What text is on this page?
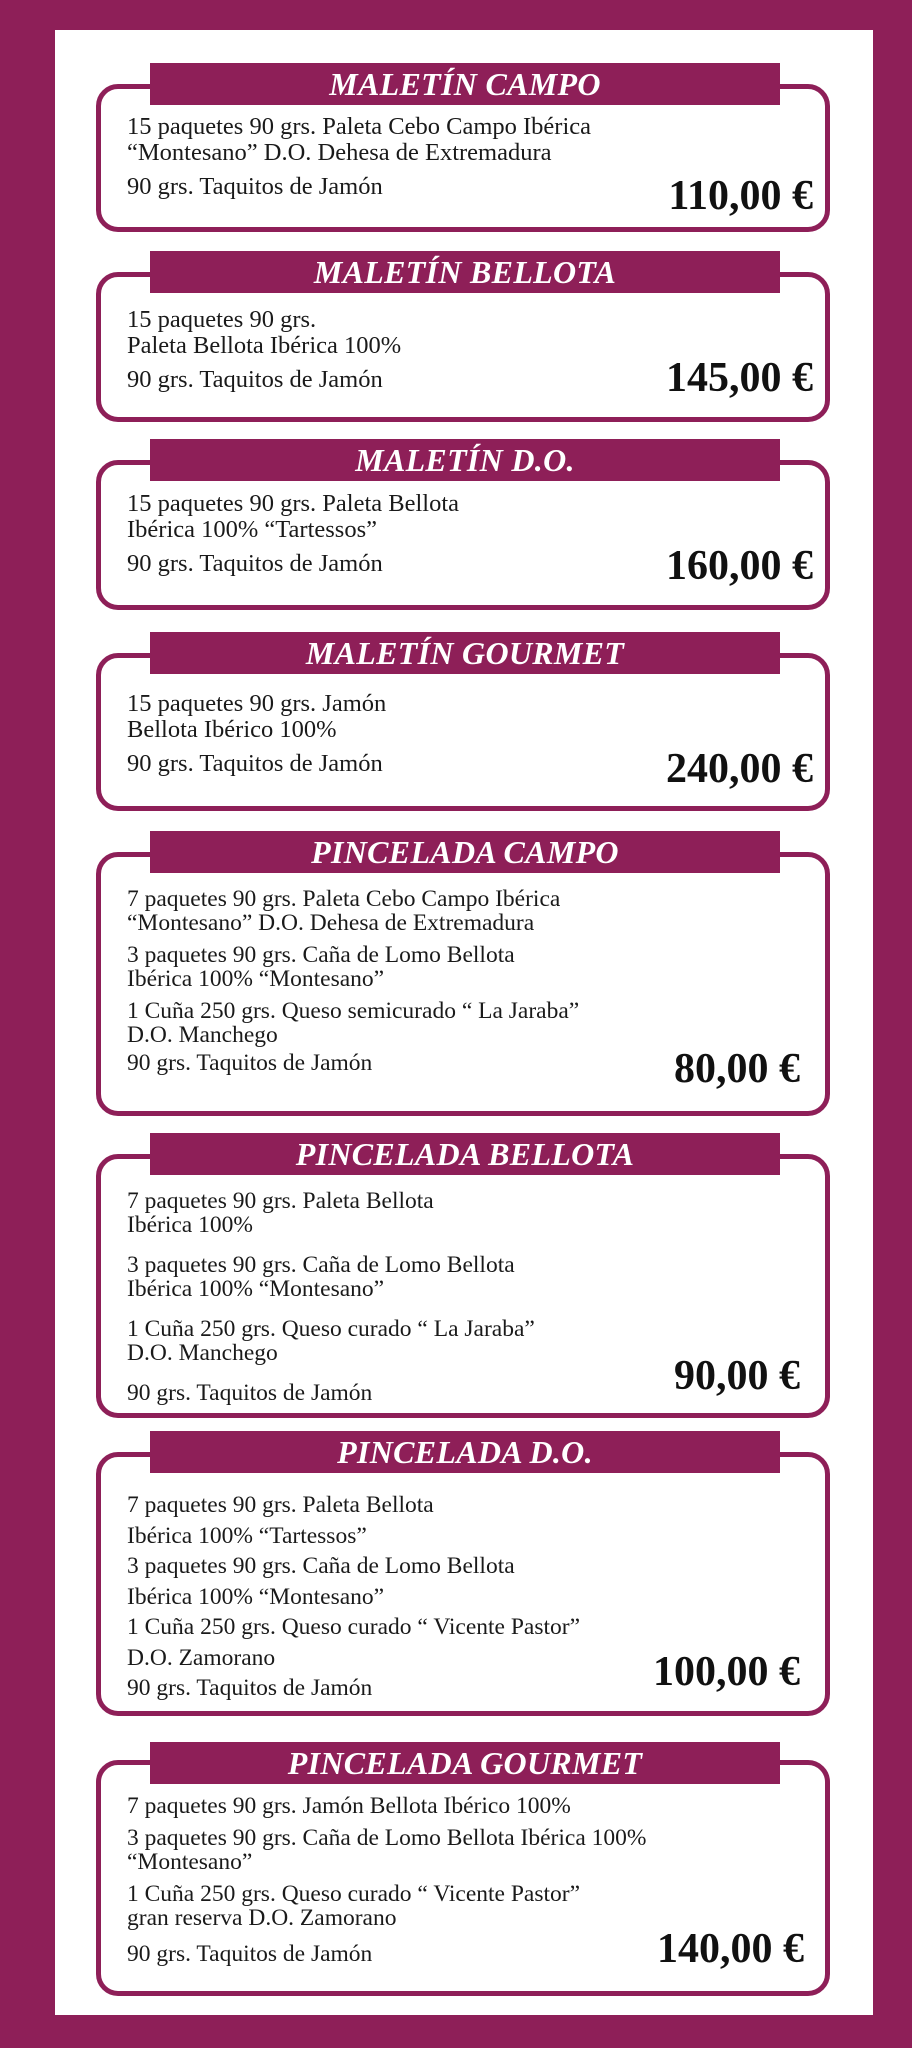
MALETÍN CAMPO
15 paquetes 90 grs. Paleta Cebo Campo Ibérica
“Montesano” D.O. Dehesa de Extremadura
90 grs. Taquitos de Jamón	110,00 €
MALETÍN BELLOTA
15 paquetes 90 grs.
Paleta Bellota Ibérica 100%
90 grs. Taquitos de Jamón	145,00 €
MALETÍN D.O.
15 paquetes 90 grs. Paleta Bellota
Ibérica 100% “Tartessos”
90 grs. Taquitos de Jamón	160,00 €
MALETÍN GOURMET
15 paquetes 90 grs. Jamón
Bellota Ibérico 100%
90 grs. Taquitos de Jamón	240,00 €
PINCELADA CAMPO
7 paquetes 90 grs. Paleta Cebo Campo Ibérica
“Montesano” D.O. Dehesa de Extremadura
3 paquetes 90 grs. Caña de Lomo Bellota
Ibérica 100% “Montesano”
1 Cuña 250 grs. Queso semicurado “ La Jaraba”
D.O. Manchego
90 grs. Taquitos de Jamón	80,00 €
PINCELADA BELLOTA
7 paquetes 90 grs. Paleta Bellota
Ibérica 100%
3 paquetes 90 grs. Caña de Lomo Bellota
Ibérica 100% “Montesano”
1 Cuña 250 grs. Queso curado “ La Jaraba”
D.O. Manchego
90 grs. Taquitos de Jamón	90,00 €
PINCELADA D.O.
7 paquetes 90 grs. Paleta Bellota
Ibérica 100% “Tartessos”
3 paquetes 90 grs. Caña de Lomo Bellota
Ibérica 100% “Montesano”
1 Cuña 250 grs. Queso curado “ Vicente Pastor”
D.O. Zamorano
90 grs. Taquitos de Jamón	100,00 €
PINCELADA GOURMET
7 paquetes 90 grs. Jamón Bellota Ibérico 100%
3 paquetes 90 grs. Caña de Lomo Bellota Ibérica 100%
“Montesano”
1 Cuña 250 grs. Queso curado “ Vicente Pastor”
gran reserva D.O. Zamorano
90 grs. Taquitos de Jamón	140,00 €
